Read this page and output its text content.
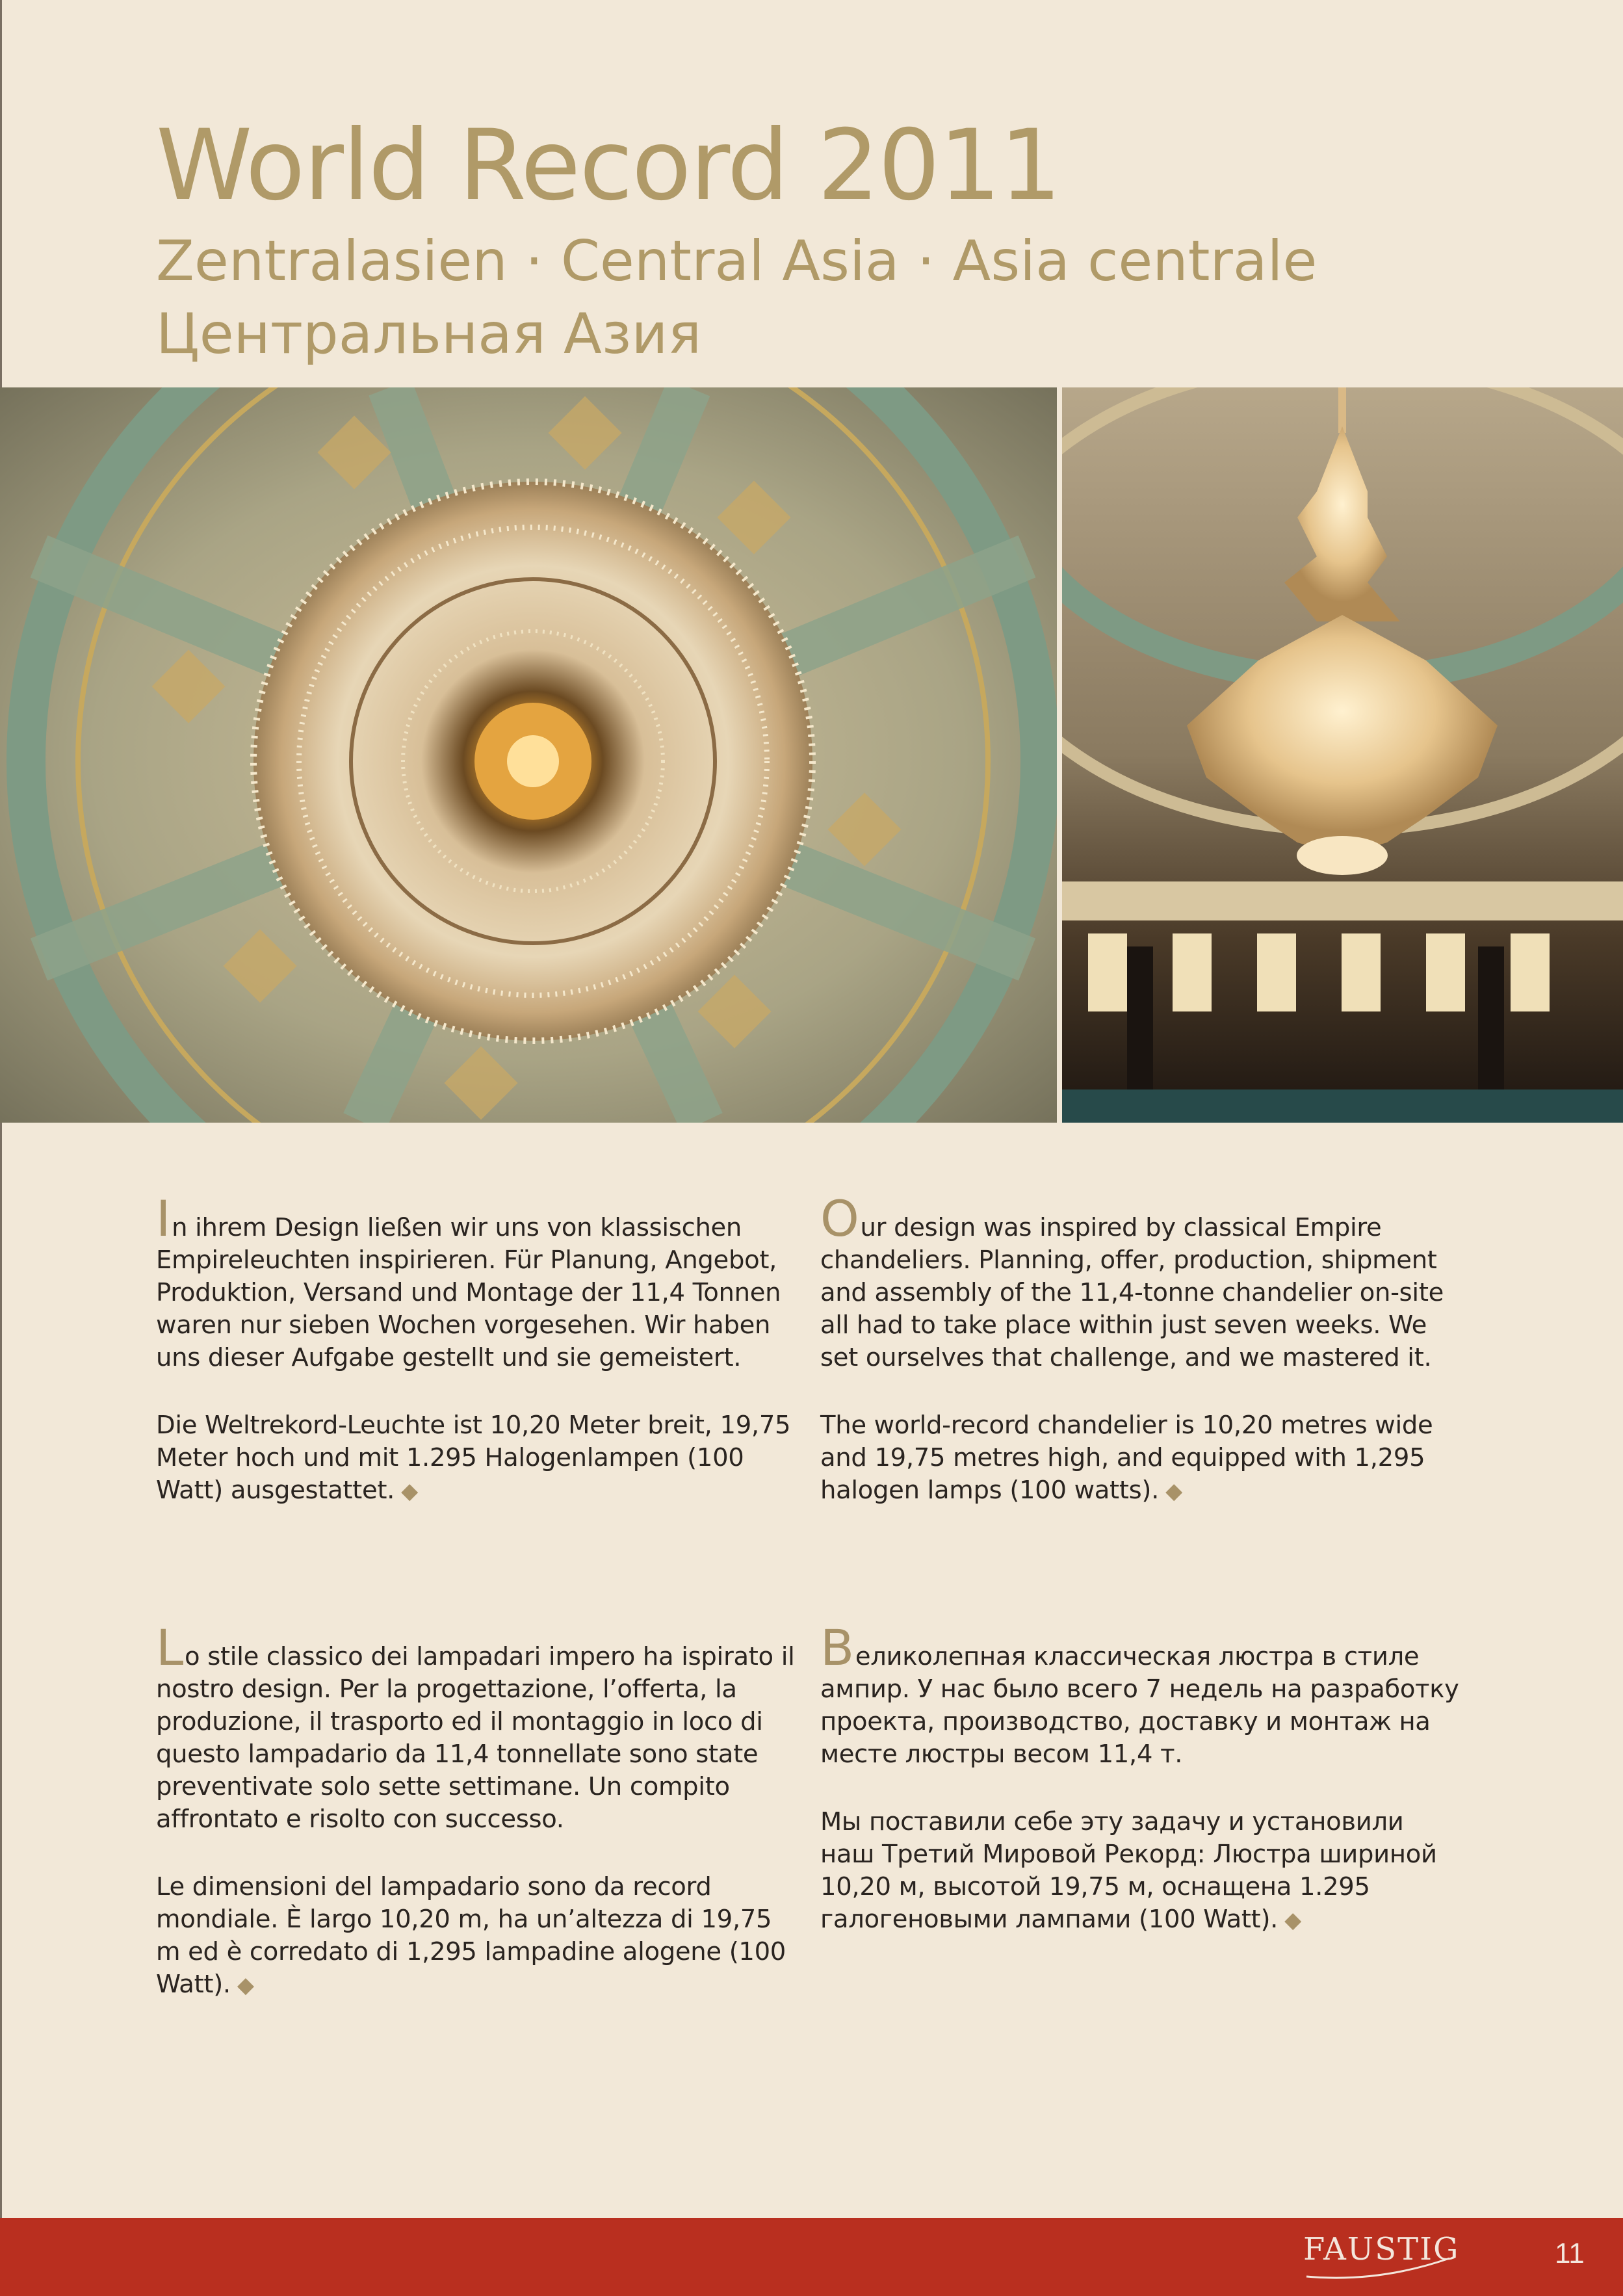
World Record 2011
Zentralasien · Central Asia · Asia centrale
Центральная Азия

In ihrem Design ließen wir uns von klassischen Empireleuchten inspirieren. Für Planung, Angebot, Produktion, Versand und Montage der 11,4 Tonnen waren nur sieben Wochen vorgesehen. Wir haben uns dieser Aufgabe gestellt und sie gemeistert.

Die Weltrekord-Leuchte ist 10,20 Meter breit, 19,75 Meter hoch und mit 1.295 Halogenlampen (100 Watt) ausgestattet. ◆

Our design was inspired by classical Empire chandeliers. Planning, offer, production, shipment and assembly of the 11,4-tonne chandelier on-site all had to take place within just seven weeks. We set ourselves that challenge, and we mastered it.

The world-record chandelier is 10,20 metres wide and 19,75 metres high, and equipped with 1,295 halogen lamps (100 watts). ◆

Lo stile classico dei lampadari impero ha ispirato il nostro design. Per la progettazione, l’offerta, la produzione, il trasporto ed il montaggio in loco di questo lampadario da 11,4 tonnellate sono state preventivate solo sette settimane. Un compito affrontato e risolto con successo.

Le dimensioni del lampadario sono da record mondiale. È largo 10,20 m, ha un’altezza di 19,75 m ed è corredato di 1,295 lampadine alogene (100 Watt). ◆

Великолепная классическая люстра в стиле ампир. У нас было всего 7 недель на разработку проекта, производство, доставку и монтаж на месте люстры весом 11,4 т.

Мы поставили себе эту задачу и установили наш Третий Мировой Рекорд: Люстра шириной 10,20 м, высотой 19,75 м, оснащена 1.295 галогеновыми лампами (100 Watt). ◆

FAUSTIG	11
